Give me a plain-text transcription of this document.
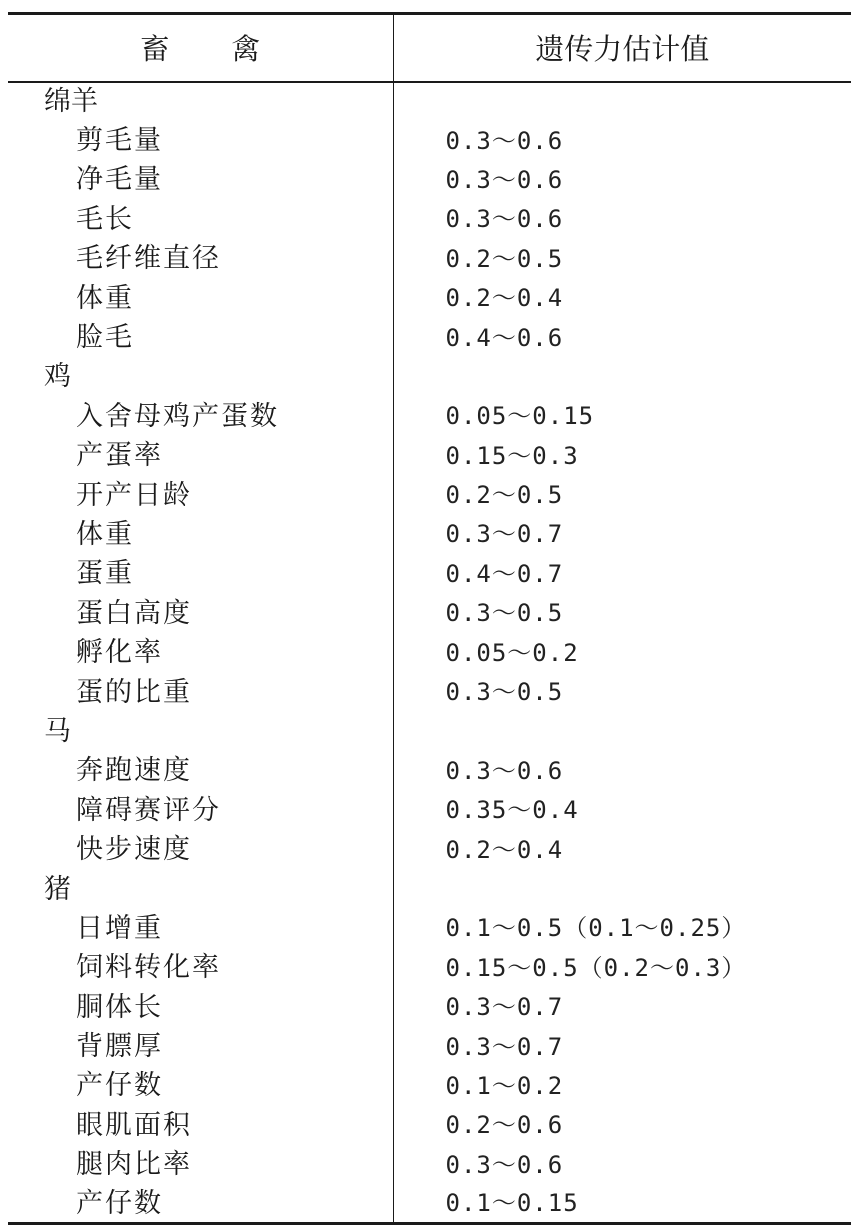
畜 禽	遗传力估计值
绵羊	
剪毛量	0.3～0.6
净毛量	0.3～0.6
毛长	0.3～0.6
毛纤维直径	0.2～0.5
体重	0.2～0.4
脸毛	0.4～0.6
鸡	
入舍母鸡产蛋数	0.05～0.15
产蛋率	0.15～0.3
开产日龄	0.2～0.5
体重	0.3～0.7
蛋重	0.4～0.7
蛋白高度	0.3～0.5
孵化率	0.05～0.2
蛋的比重	0.3～0.5
马	
奔跑速度	0.3～0.6
障碍赛评分	0.35～0.4
快步速度	0.2～0.4
猪	
日增重	0.1～0.5（0.1～0.25）
饲料转化率	0.15～0.5（0.2～0.3）
胴体长	0.3～0.7
背膘厚	0.3～0.7
产仔数	0.1～0.2
眼肌面积	0.2～0.6
腿肉比率	0.3～0.6
产仔数	0.1～0.15
